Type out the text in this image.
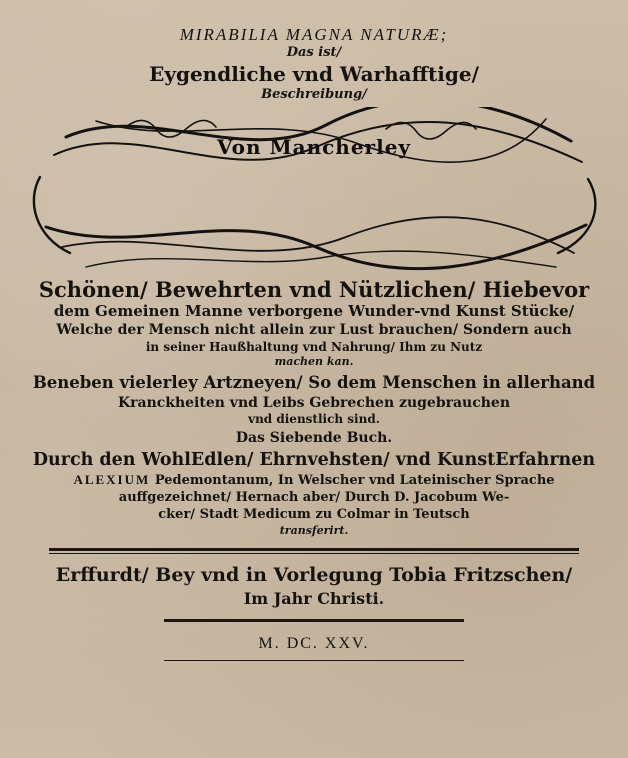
MIRABILIA MAGNA NATURÆ;
Das ist/
Eygendliche vnd Warhafftige/
Beschreibung/
Von Mancherley
Schönen/ Bewehrten vnd Nützlichen/ Hiebevor
dem Gemeinen Manne verborgene Wunder-vnd Kunst Stücke/
Welche der Mensch nicht allein zur Lust brauchen/ Sondern auch
in seiner Haußhaltung vnd Nahrung/ Ihm zu Nutz
machen kan.
Beneben vielerley Artzneyen/ So dem Menschen in allerhand
Kranckheiten vnd Leibs Gebrechen zugebrauchen
vnd dienstlich sind.
Das Siebende Buch.
Durch den WohlEdlen/ Ehrnvehsten/ vnd KunstErfahrnen
ALEXIUM Pedemontanum, In Welscher vnd Lateinischer Sprache
auffgezeichnet/ Hernach aber/ Durch D. Jacobum We-
cker/ Stadt Medicum zu Colmar in Teutsch
transferirt.
Erffurdt/ Bey vnd in Vorlegung Tobia Fritzschen/
Im Jahr Christi.
M. DC. XXV.
